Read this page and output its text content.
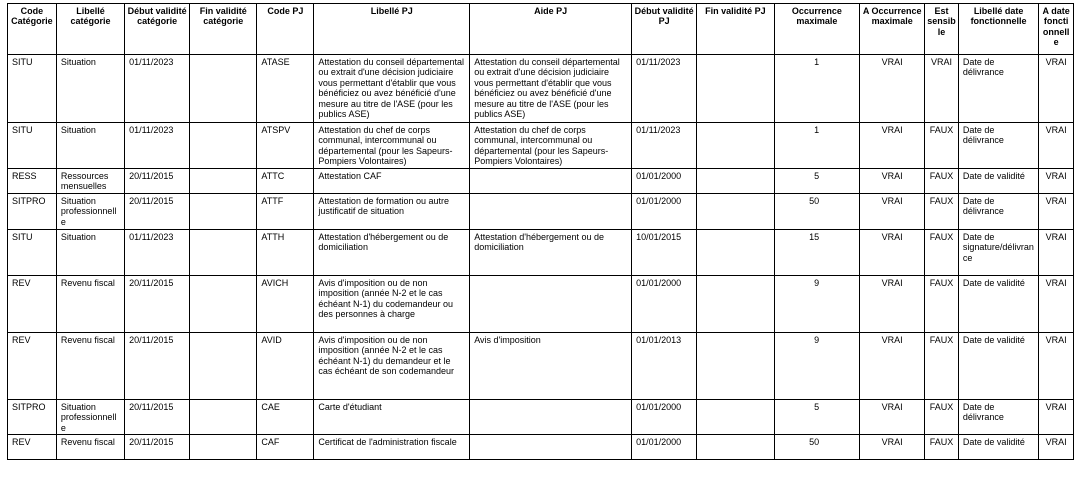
Code Catégorie	Libellé catégorie	Début validité catégorie	Fin validité catégorie	Code PJ	Libellé PJ	Aide PJ	Début validité PJ	Fin validité PJ	Occurrence maximale	A Occurrence maximale	Est sensible	Libellé date fonctionnelle	A date fonctionnelle
SITU	Situation	01/11/2023		ATASE	Attestation du conseil départemental ou extrait d'une décision judiciaire vous permettant d'établir que vous bénéficiez ou avez bénéficié d'une mesure au titre de l'ASE (pour les publics ASE)	Attestation du conseil départemental ou extrait d'une décision judiciaire vous permettant d'établir que vous bénéficiez ou avez bénéficié d'une mesure au titre de l'ASE (pour les publics ASE)	01/11/2023		1	VRAI	VRAI	Date de délivrance	VRAI
SITU	Situation	01/11/2023		ATSPV	Attestation du chef de corps communal, intercommunal ou départemental (pour les Sapeurs-Pompiers Volontaires)	Attestation du chef de corps communal, intercommunal ou départemental (pour les Sapeurs-Pompiers Volontaires)	01/11/2023		1	VRAI	FAUX	Date de délivrance	VRAI
RESS	Ressources mensuelles	20/11/2015		ATTC	Attestation CAF		01/01/2000		5	VRAI	FAUX	Date de validité	VRAI
SITPRO	Situation professionnelle	20/11/2015		ATTF	Attestation de formation ou autre justificatif de situation		01/01/2000		50	VRAI	FAUX	Date de délivrance	VRAI
SITU	Situation	01/11/2023		ATTH	Attestation d'hébergement ou de domiciliation	Attestation d'hébergement ou de domiciliation	10/01/2015		15	VRAI	FAUX	Date de signature/délivrance	VRAI
REV	Revenu fiscal	20/11/2015		AVICH	Avis d'imposition ou de non imposition (année N-2 et le cas échéant N-1) du codemandeur ou des personnes à charge		01/01/2000		9	VRAI	FAUX	Date de validité	VRAI
REV	Revenu fiscal	20/11/2015		AVID	Avis d'imposition ou de non imposition (année N-2 et le cas échéant N-1) du demandeur et le cas échéant de son codemandeur	Avis d'imposition	01/01/2013		9	VRAI	FAUX	Date de validité	VRAI
SITPRO	Situation professionnelle	20/11/2015		CAE	Carte d'étudiant		01/01/2000		5	VRAI	FAUX	Date de délivrance	VRAI
REV	Revenu fiscal	20/11/2015		CAF	Certificat de l'administration fiscale		01/01/2000		50	VRAI	FAUX	Date de validité	VRAI
